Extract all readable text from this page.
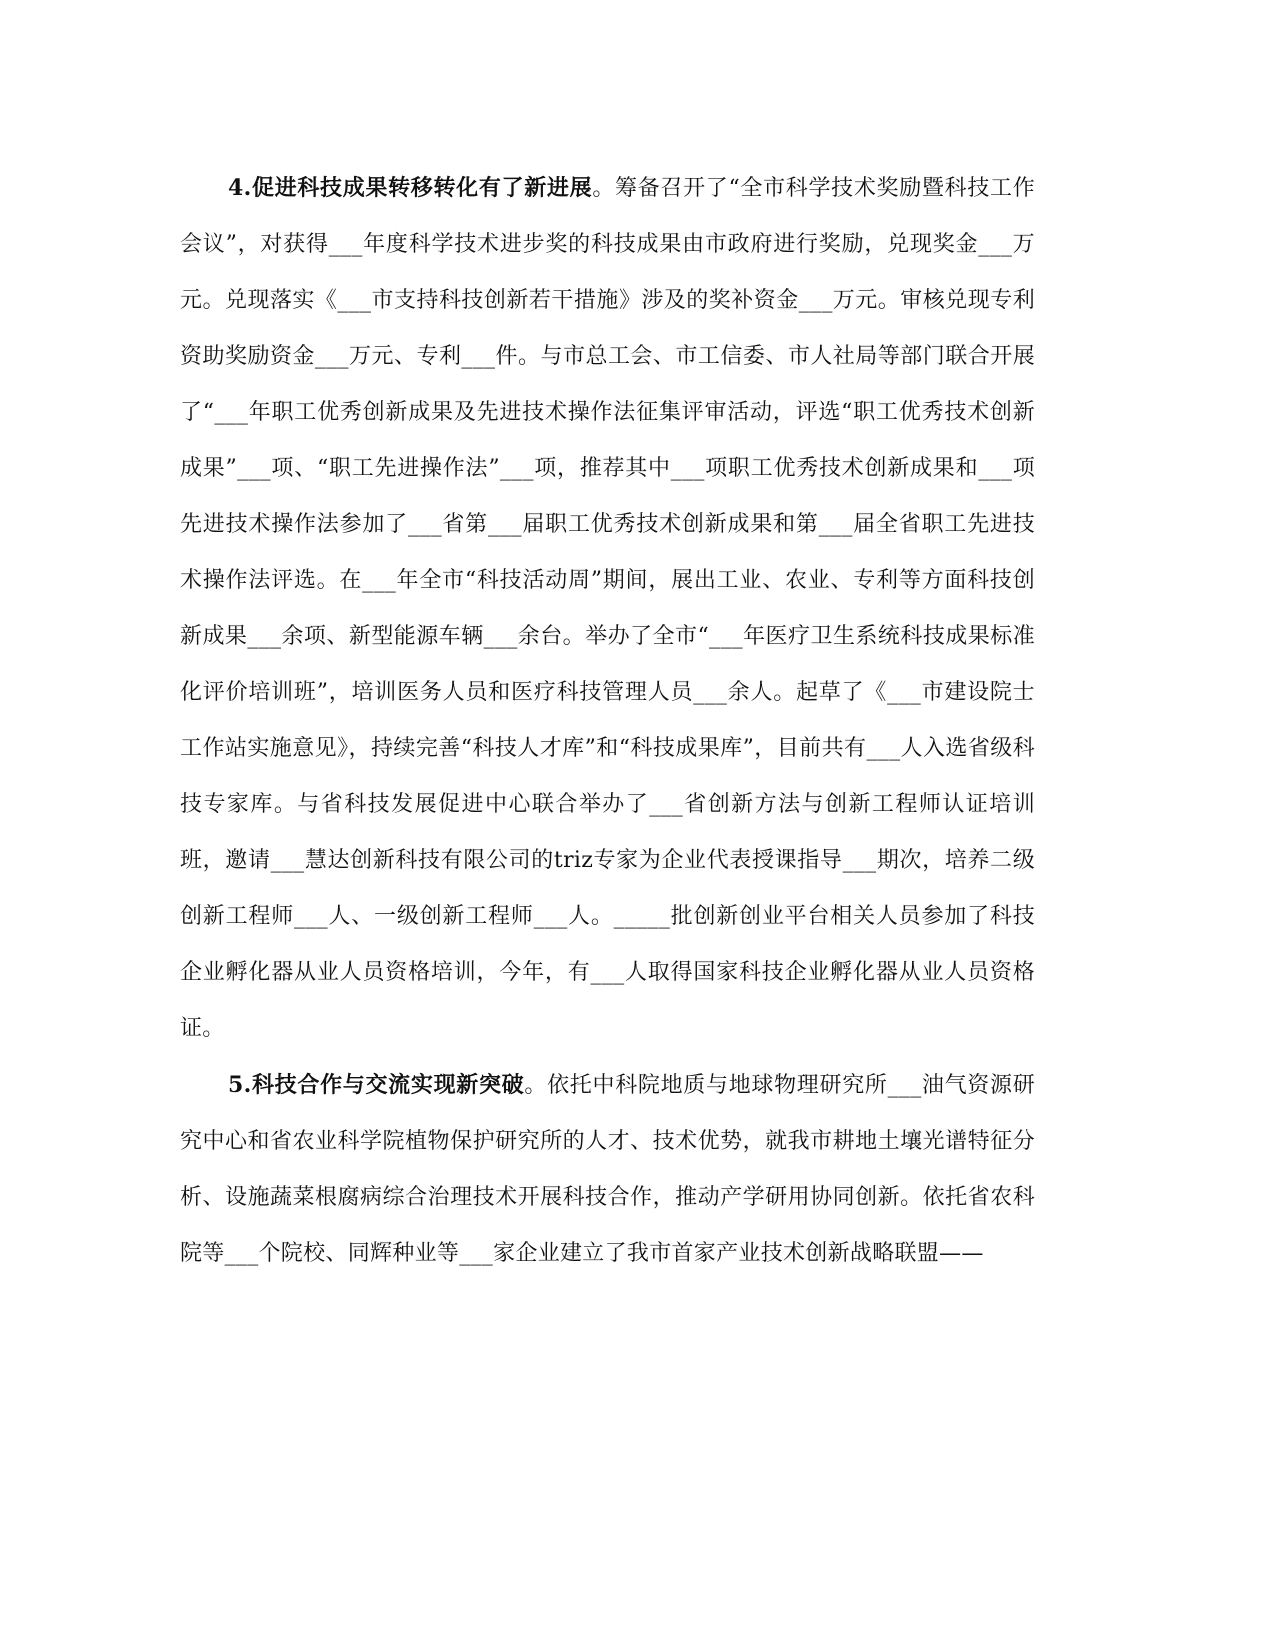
4.促进科技成果转移转化有了新进展。筹备召开了“全市科学技术奖励暨科技工作会议”，对获得___年度科学技术进步奖的科技成果由市政府进行奖励，兑现奖金___万元。兑现落实《___市支持科技创新若干措施》涉及的奖补资金___万元。审核兑现专利资助奖励资金___万元、专利___件。与市总工会、市工信委、市人社局等部门联合开展了“___年职工优秀创新成果及先进技术操作法征集评审活动，评选“职工优秀技术创新成果”___项、“职工先进操作法”___项，推荐其中___项职工优秀技术创新成果和___项先进技术操作法参加了___省第___届职工优秀技术创新成果和第___届全省职工先进技术操作法评选。在___年全市“科技活动周”期间，展出工业、农业、专利等方面科技创新成果___余项、新型能源车辆___余台。举办了全市“___年医疗卫生系统科技成果标准化评价培训班”，培训医务人员和医疗科技管理人员___余人。起草了《___市建设院士工作站实施意见》，持续完善“科技人才库”和“科技成果库”，目前共有___人入选省级科技专家库。与省科技发展促进中心联合举办了___省创新方法与创新工程师认证培训班，邀请___慧达创新科技有限公司的triz专家为企业代表授课指导___期次，培养二级创新工程师___人、一级创新工程师___人。_____批创新创业平台相关人员参加了科技企业孵化器从业人员资格培训，今年，有___人取得国家科技企业孵化器从业人员资格证。

5.科技合作与交流实现新突破。依托中科院地质与地球物理研究所___油气资源研究中心和省农业科学院植物保护研究所的人才、技术优势，就我市耕地土壤光谱特征分析、设施蔬菜根腐病综合治理技术开展科技合作，推动产学研用协同创新。依托省农科院等___个院校、同辉种业等___家企业建立了我市首家产业技术创新战略联盟——
